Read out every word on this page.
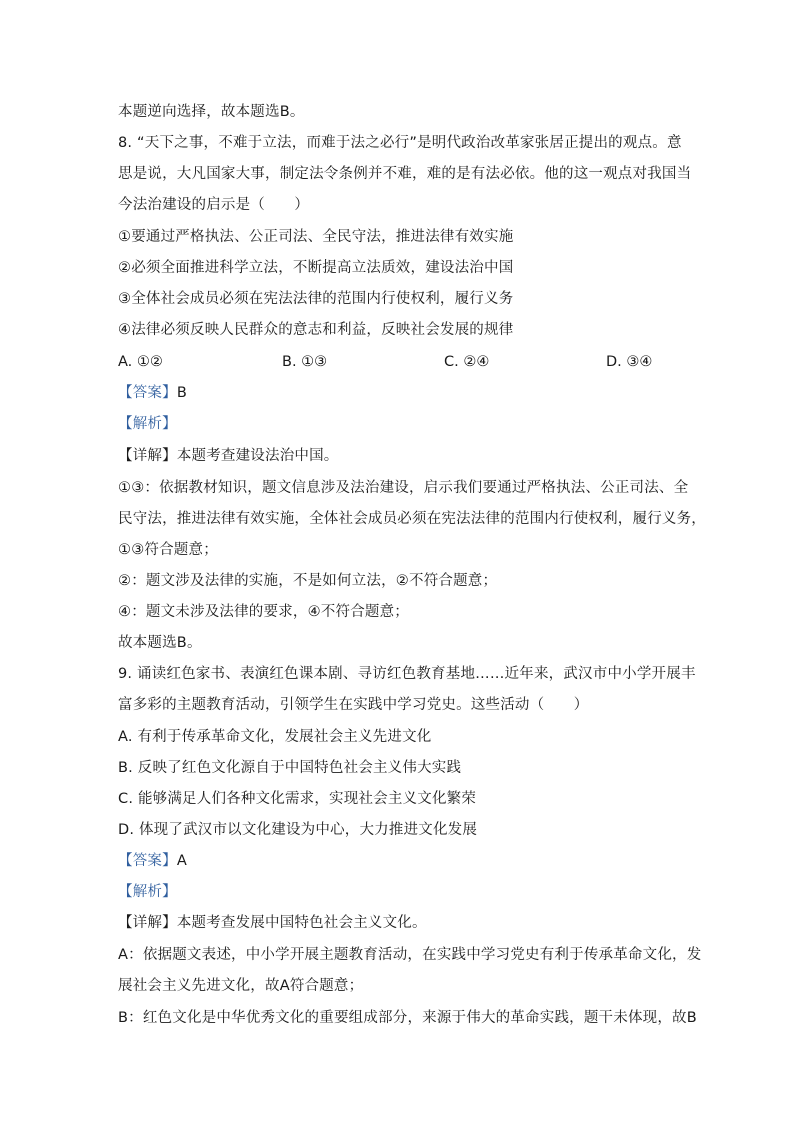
本题逆向选择，故本题选B。
8. “天下之事，不难于立法，而难于法之必行”是明代政治改革家张居正提出的观点。意
思是说，大凡国家大事，制定法令条例并不难，难的是有法必依。他的这一观点对我国当
今法治建设的启示是（　　）
①要通过严格执法、公正司法、全民守法，推进法律有效实施
②必须全面推进科学立法，不断提高立法质效，建设法治中国
③全体社会成员必须在宪法法律的范围内行使权利，履行义务
④法律必须反映人民群众的意志和利益，反映社会发展的规律
A. ①②	B. ①③	C. ②④	D. ③④
【答案】B
【解析】
【详解】本题考查建设法治中国。
①③：依据教材知识，题文信息涉及法治建设，启示我们要通过严格执法、公正司法、全
民守法，推进法律有效实施，全体社会成员必须在宪法法律的范围内行使权利，履行义务，
①③符合题意；
②：题文涉及法律的实施，不是如何立法，②不符合题意；
④：题文未涉及法律的要求，④不符合题意；
故本题选B。
9. 诵读红色家书、表演红色课本剧、寻访红色教育基地……近年来，武汉市中小学开展丰
富多彩的主题教育活动，引领学生在实践中学习党史。这些活动（　　）
A. 有利于传承革命文化，发展社会主义先进文化
B. 反映了红色文化源自于中国特色社会主义伟大实践
C. 能够满足人们各种文化需求，实现社会主义文化繁荣
D. 体现了武汉市以文化建设为中心，大力推进文化发展
【答案】A
【解析】
【详解】本题考查发展中国特色社会主义文化。
A：依据题文表述，中小学开展主题教育活动，在实践中学习党史有利于传承革命文化，发
展社会主义先进文化，故A符合题意；
B：红色文化是中华优秀文化的重要组成部分，来源于伟大的革命实践，题干未体现，故B
